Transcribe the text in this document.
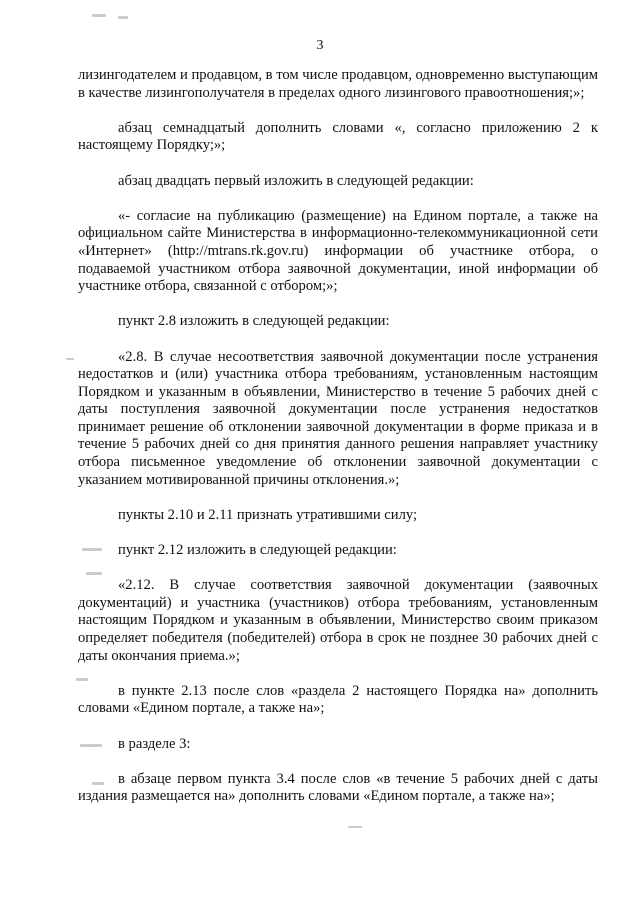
3

лизингодателем и продавцом, в том числе продавцом, одновременно выступающим в качестве лизингополучателя в пределах одного лизингового правоотношения;»;

абзац семнадцатый дополнить словами «, согласно приложению 2 к настоящему Порядку;»;

абзац двадцать первый изложить в следующей редакции:

«- согласие на публикацию (размещение) на Едином портале, а также на официальном сайте Министерства в информационно-телекоммуникационной сети «Интернет» (http://mtrans.rk.gov.ru) информации об участнике отбора, о подаваемой участником отбора заявочной документации, иной информации об участнике отбора, связанной с отбором;»;

пункт 2.8 изложить в следующей редакции:

«2.8. В случае несоответствия заявочной документации после устранения недостатков и (или) участника отбора требованиям, установленным настоящим Порядком и указанным в объявлении, Министерство в течение 5 рабочих дней с даты поступления заявочной документации после устранения недостатков принимает решение об отклонении заявочной документации в форме приказа и в течение 5 рабочих дней со дня принятия данного решения направляет участнику отбора письменное уведомление об отклонении заявочной документации с указанием мотивированной причины отклонения.»;

пункты 2.10 и 2.11 признать утратившими силу;

пункт 2.12 изложить в следующей редакции:

«2.12. В случае соответствия заявочной документации (заявочных документаций) и участника (участников) отбора требованиям, установленным настоящим Порядком и указанным в объявлении, Министерство своим приказом определяет победителя (победителей) отбора в срок не позднее 30 рабочих дней с даты окончания приема.»;

в пункте 2.13 после слов «раздела 2 настоящего Порядка на» дополнить словами «Едином портале, а также на»;

в разделе 3:

в абзаце первом пункта 3.4 после слов «в течение 5 рабочих дней с даты издания размещается на» дополнить словами «Едином портале, а также на»;
